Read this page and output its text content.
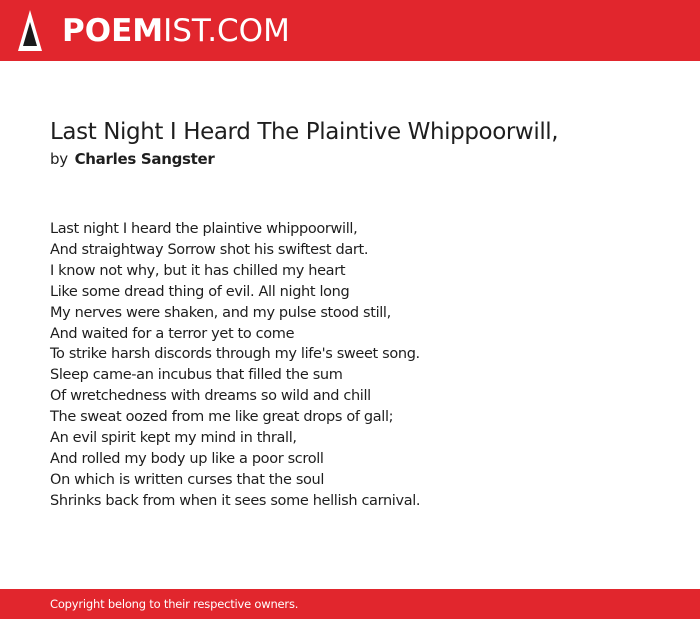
POEMIST.COM
Last Night I Heard The Plaintive Whippoorwill,
by Charles Sangster
Last night I heard the plaintive whippoorwill,
And straightway Sorrow shot his swiftest dart.
I know not why, but it has chilled my heart
Like some dread thing of evil. All night long
My nerves were shaken, and my pulse stood still,
And waited for a terror yet to come
To strike harsh discords through my life's sweet song.
Sleep came-an incubus that filled the sum
Of wretchedness with dreams so wild and chill
The sweat oozed from me like great drops of gall;
An evil spirit kept my mind in thrall,
And rolled my body up like a poor scroll
On which is written curses that the soul
Shrinks back from when it sees some hellish carnival.
Copyright belong to their respective owners.
